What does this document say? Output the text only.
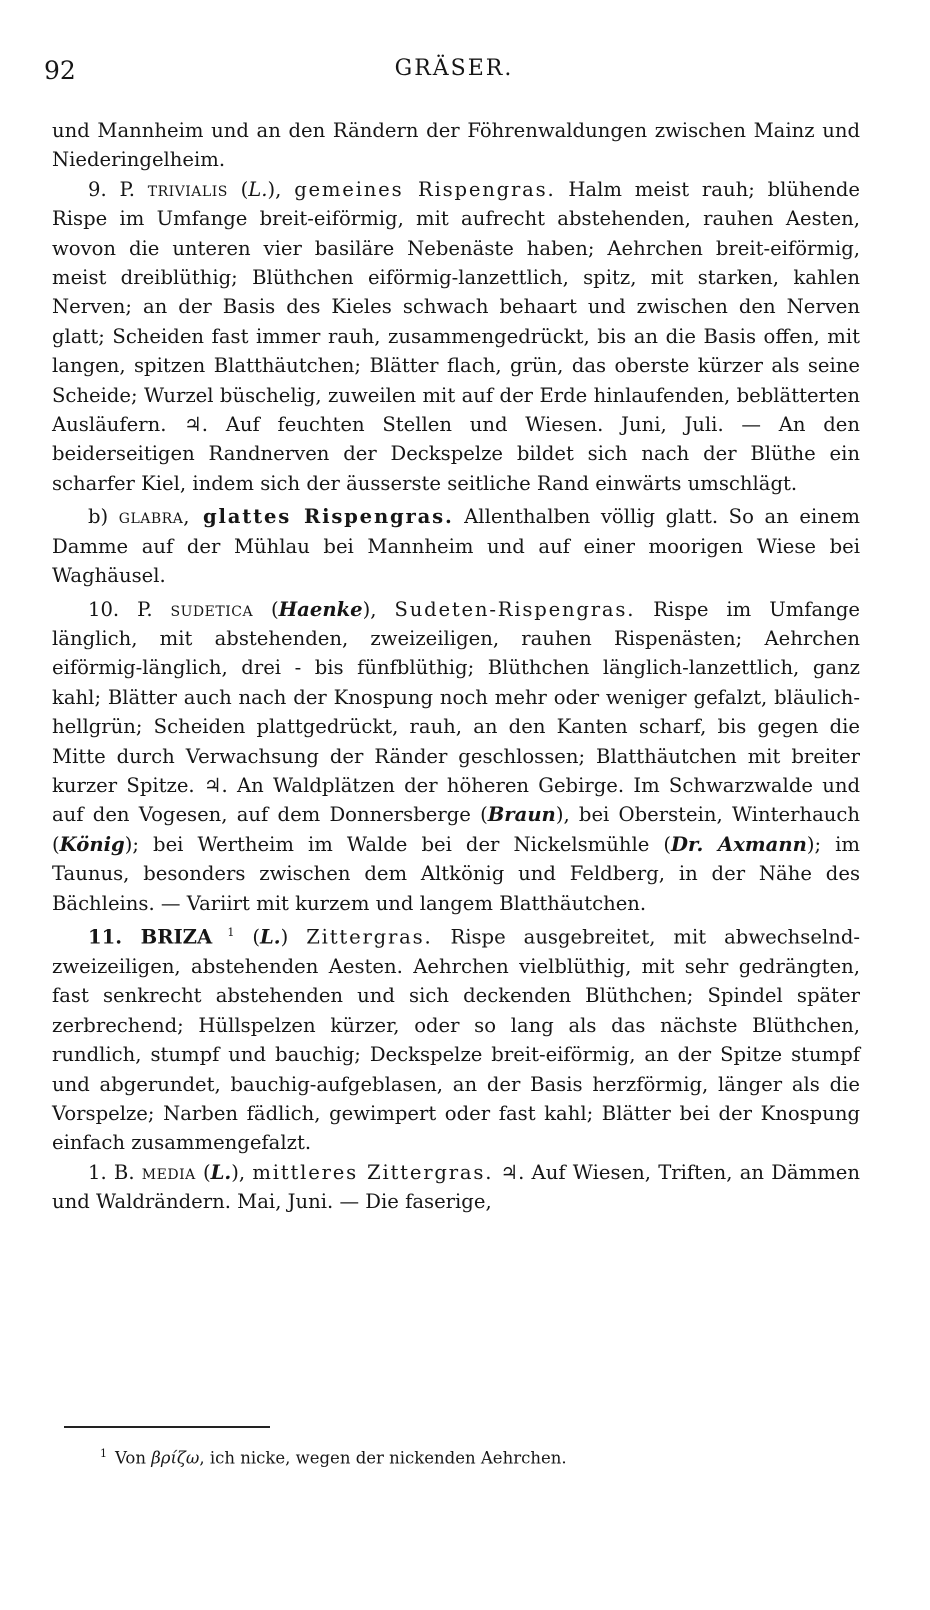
92	GRÄSER.

und Mannheim und an den Rändern der Föhrenwaldungen zwischen Mainz und Niederingelheim.

9. P. trivialis (L.), gemeines Rispengras. Halm meist rauh; blühende Rispe im Umfange breit-eiförmig, mit aufrecht abstehenden, rauhen Aesten, wovon die unteren vier basiläre Nebenäste haben; Aehrchen breit-eiförmig, meist dreiblüthig; Blüthchen eiförmig-lanzettlich, spitz, mit starken, kahlen Nerven; an der Basis des Kieles schwach behaart und zwischen den Nerven glatt; Scheiden fast immer rauh, zusammengedrückt, bis an die Basis offen, mit langen, spitzen Blatthäutchen; Blätter flach, grün, das oberste kürzer als seine Scheide; Wurzel büschelig, zuweilen mit auf der Erde hinlaufenden, beblätterten Ausläufern. ♃. Auf feuchten Stellen und Wiesen. Juni, Juli. — An den beiderseitigen Randnerven der Deckspelze bildet sich nach der Blüthe ein scharfer Kiel, indem sich der äusserste seitliche Rand einwärts umschlägt.

b) glabra, glattes Rispengras. Allenthalben völlig glatt. So an einem Damme auf der Mühlau bei Mannheim und auf einer moorigen Wiese bei Waghäusel.

10. P. sudetica (Haenke), Sudeten-Rispengras. Rispe im Umfange länglich, mit abstehenden, zweizeiligen, rauhen Rispenästen; Aehrchen eiförmig-länglich, drei - bis fünfblüthig; Blüthchen länglich-lanzettlich, ganz kahl; Blätter auch nach der Knospung noch mehr oder weniger gefalzt, bläulich-hellgrün; Scheiden plattgedrückt, rauh, an den Kanten scharf, bis gegen die Mitte durch Verwachsung der Ränder geschlossen; Blatthäutchen mit breiter kurzer Spitze. ♃. An Waldplätzen der höheren Gebirge. Im Schwarzwalde und auf den Vogesen, auf dem Donnersberge (Braun), bei Oberstein, Winterhauch (König); bei Wertheim im Walde bei der Nickelsmühle (Dr. Axmann); im Taunus, besonders zwischen dem Altkönig und Feldberg, in der Nähe des Bächleins. — Variirt mit kurzem und langem Blatthäutchen.

11. BRIZA $^1$ (L.) Zittergras. Rispe ausgebreitet, mit abwechselnd-zweizeiligen, abstehenden Aesten. Aehrchen vielblüthig, mit sehr gedrängten, fast senkrecht abstehenden und sich deckenden Blüthchen; Spindel später zerbrechend; Hüllspelzen kürzer, oder so lang als das nächste Blüthchen, rundlich, stumpf und bauchig; Deckspelze breit-eiförmig, an der Spitze stumpf und abgerundet, bauchig-aufgeblasen, an der Basis herzförmig, länger als die Vorspelze; Narben fädlich, gewimpert oder fast kahl; Blätter bei der Knospung einfach zusammengefalzt.

1. B. media (L.), mittleres Zittergras. ♃. Auf Wiesen, Triften, an Dämmen und Waldrändern. Mai, Juni. — Die faserige,

$^1$ Von βρίζω, ich nicke, wegen der nickenden Aehrchen.
